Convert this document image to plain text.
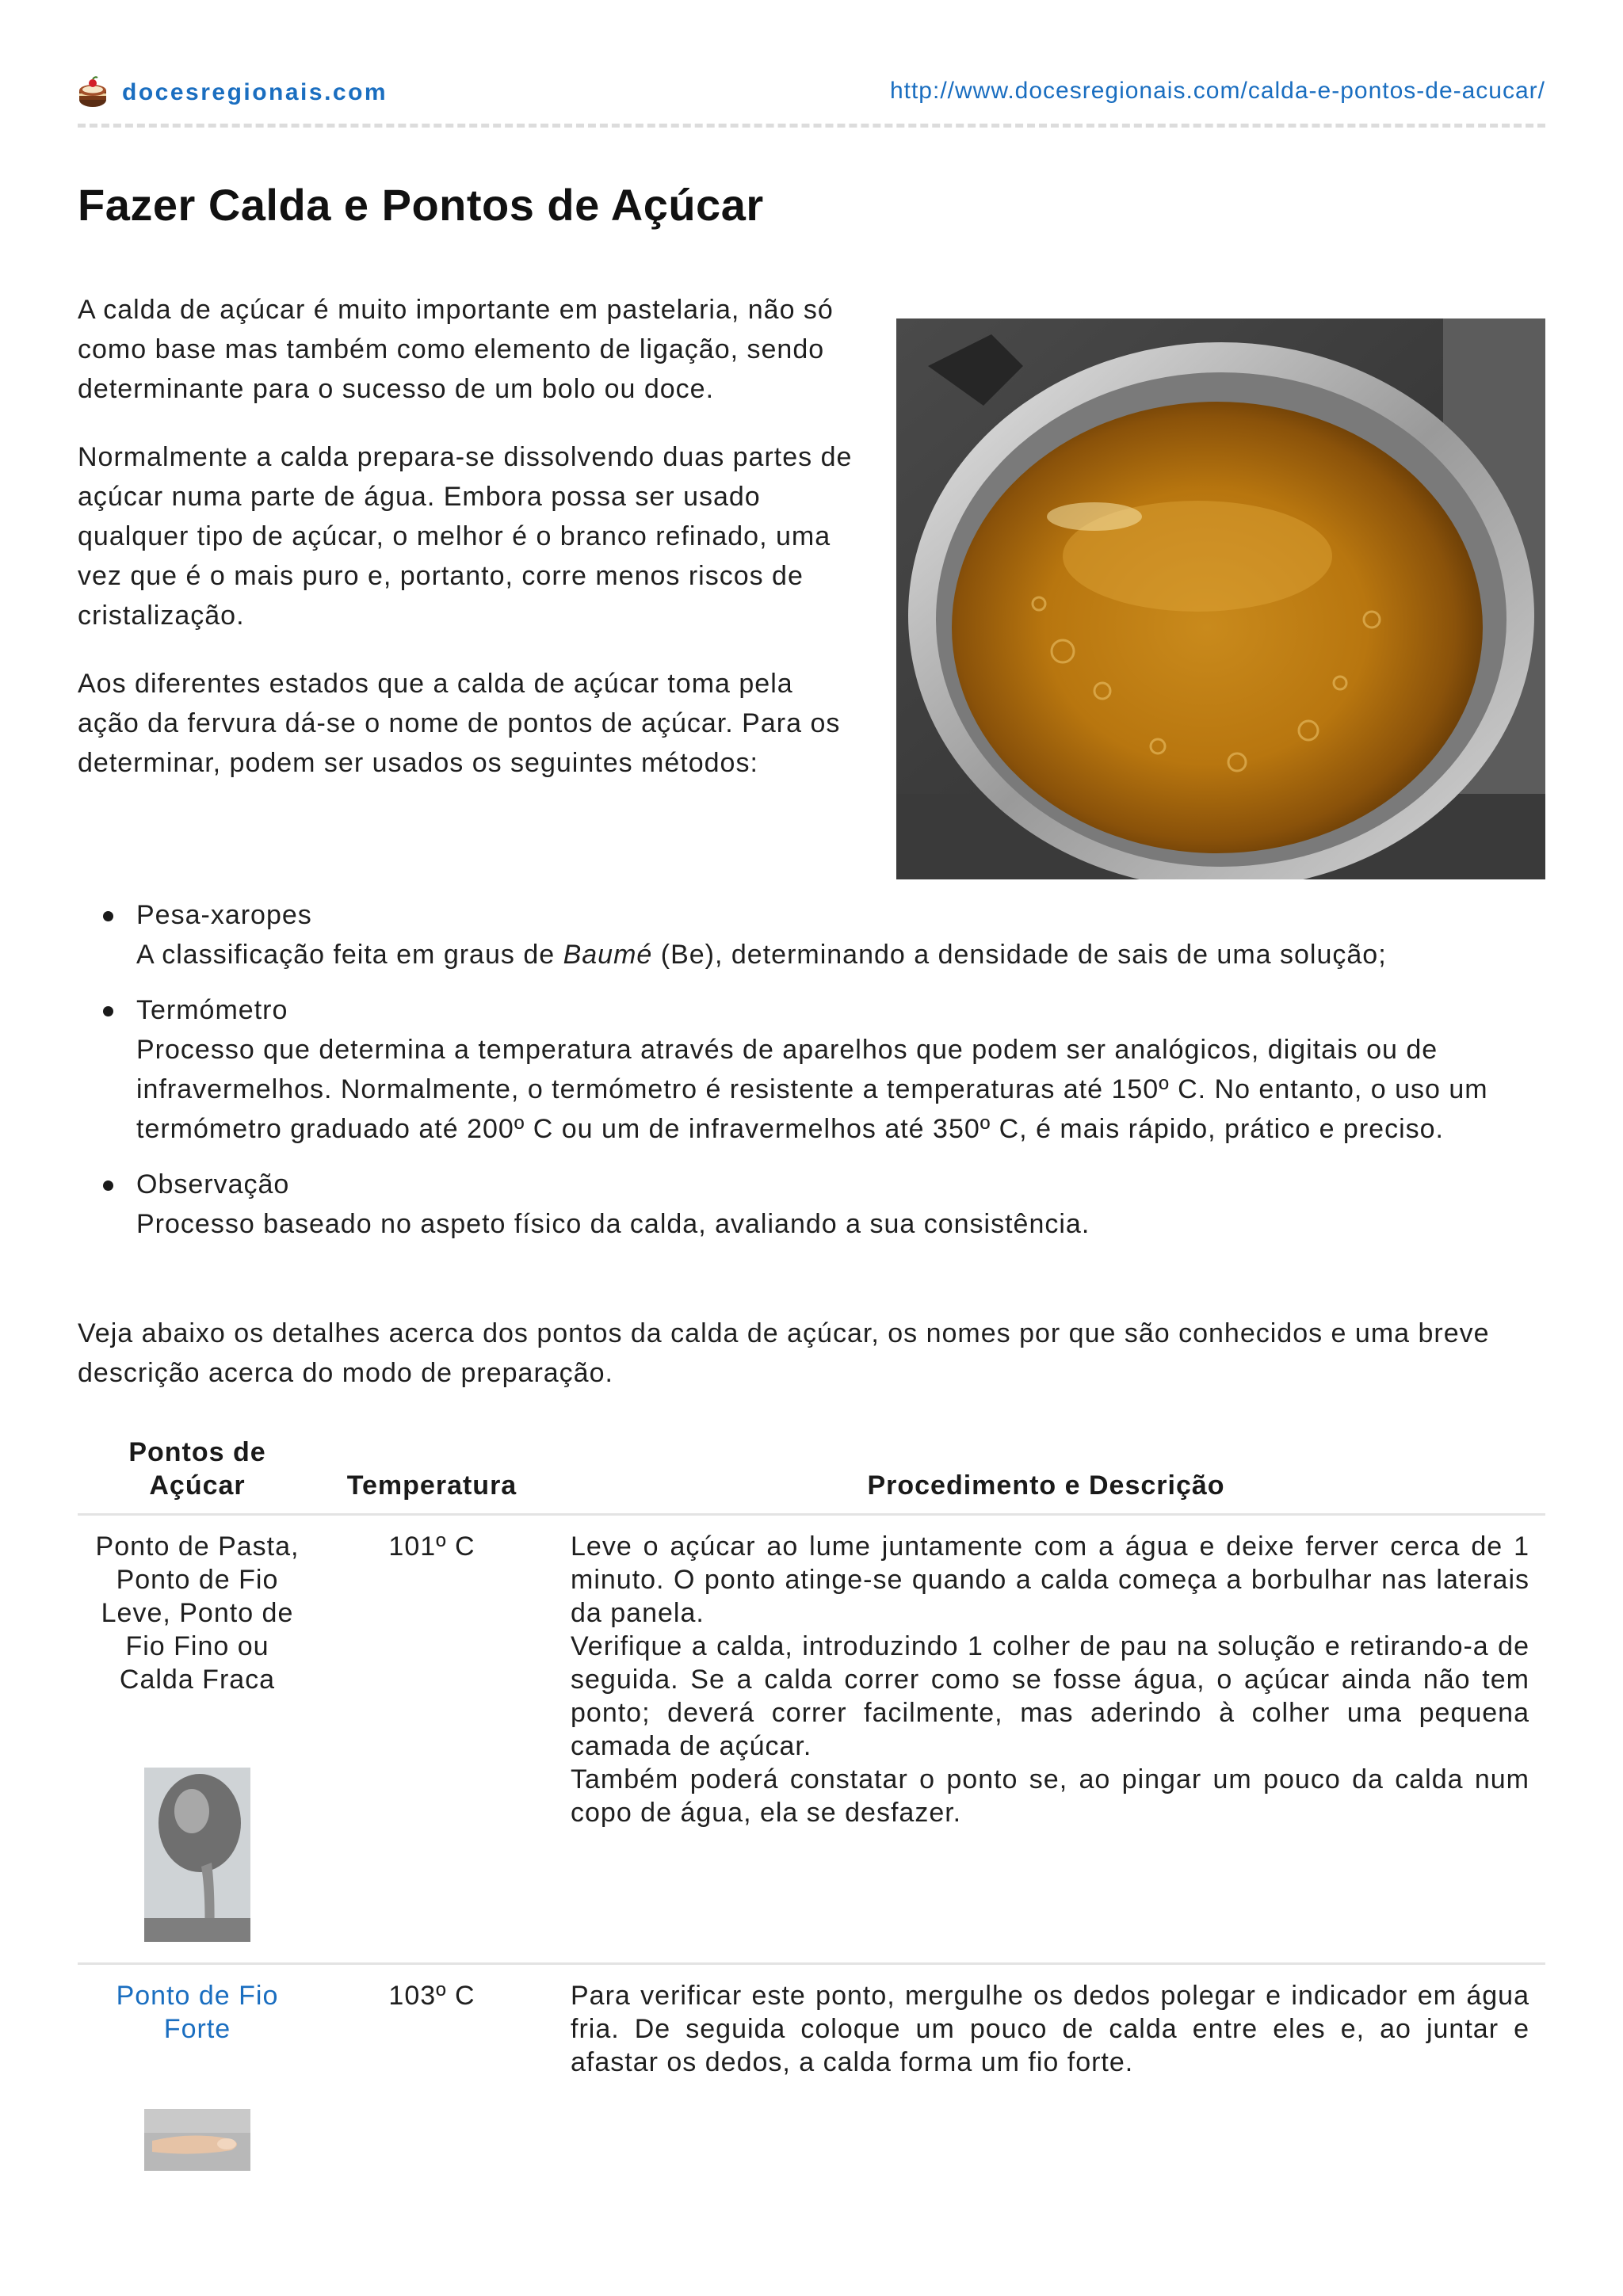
docesregionais.com	http://www.docesregionais.com/calda-e-pontos-de-acucar/
Fazer Calda e Pontos de Açúcar

A calda de açúcar é muito importante em pastelaria, não só como base mas também como elemento de ligação, sendo determinante para o sucesso de um bolo ou doce.

Normalmente a calda prepara-se dissolvendo duas partes de açúcar numa parte de água. Embora possa ser usado qualquer tipo de açúcar, o melhor é o branco refinado, uma vez que é o mais puro e, portanto, corre menos riscos de cristalização.

Aos diferentes estados que a calda de açúcar toma pela ação da fervura dá-se o nome de pontos de açúcar. Para os determinar, podem ser usados os seguintes métodos:

Pesa-xaropes
A classificação feita em graus de Baumé (Be), determinando a densidade de sais de uma solução;
Termómetro
Processo que determina a temperatura através de aparelhos que podem ser analógicos, digitais ou de infravermelhos. Normalmente, o termómetro é resistente a temperaturas até 150º C. No entanto, o uso um termómetro graduado até 200º C ou um de infravermelhos até 350º C, é mais rápido, prático e preciso.
Observação
Processo baseado no aspeto físico da calda, avaliando a sua consistência.

Veja abaixo os detalhes acerca dos pontos da calda de açúcar, os nomes por que são conhecidos e uma breve descrição acerca do modo de preparação.

Pontos de Açúcar	Temperatura	Procedimento e Descrição
Ponto de Pasta, Ponto de Fio Leve, Ponto de Fio Fino ou Calda Fraca	101º C	Leve o açúcar ao lume juntamente com a água e deixe ferver cerca de 1 minuto. O ponto atinge-se quando a calda começa a borbulhar nas laterais da panela.
Verifique a calda, introduzindo 1 colher de pau na solução e retirando-a de seguida. Se a calda correr como se fosse água, o açúcar ainda não tem ponto; deverá correr facilmente, mas aderindo à colher uma pequena camada de açúcar.
Também poderá constatar o ponto se, ao pingar um pouco da calda num copo de água, ela se desfazer.

Ponto de Fio Forte	103º C	Para verificar este ponto, mergulhe os dedos polegar e indicador em água fria. De seguida coloque um pouco de calda entre eles e, ao juntar e afastar os dedos, a calda forma um fio forte.
